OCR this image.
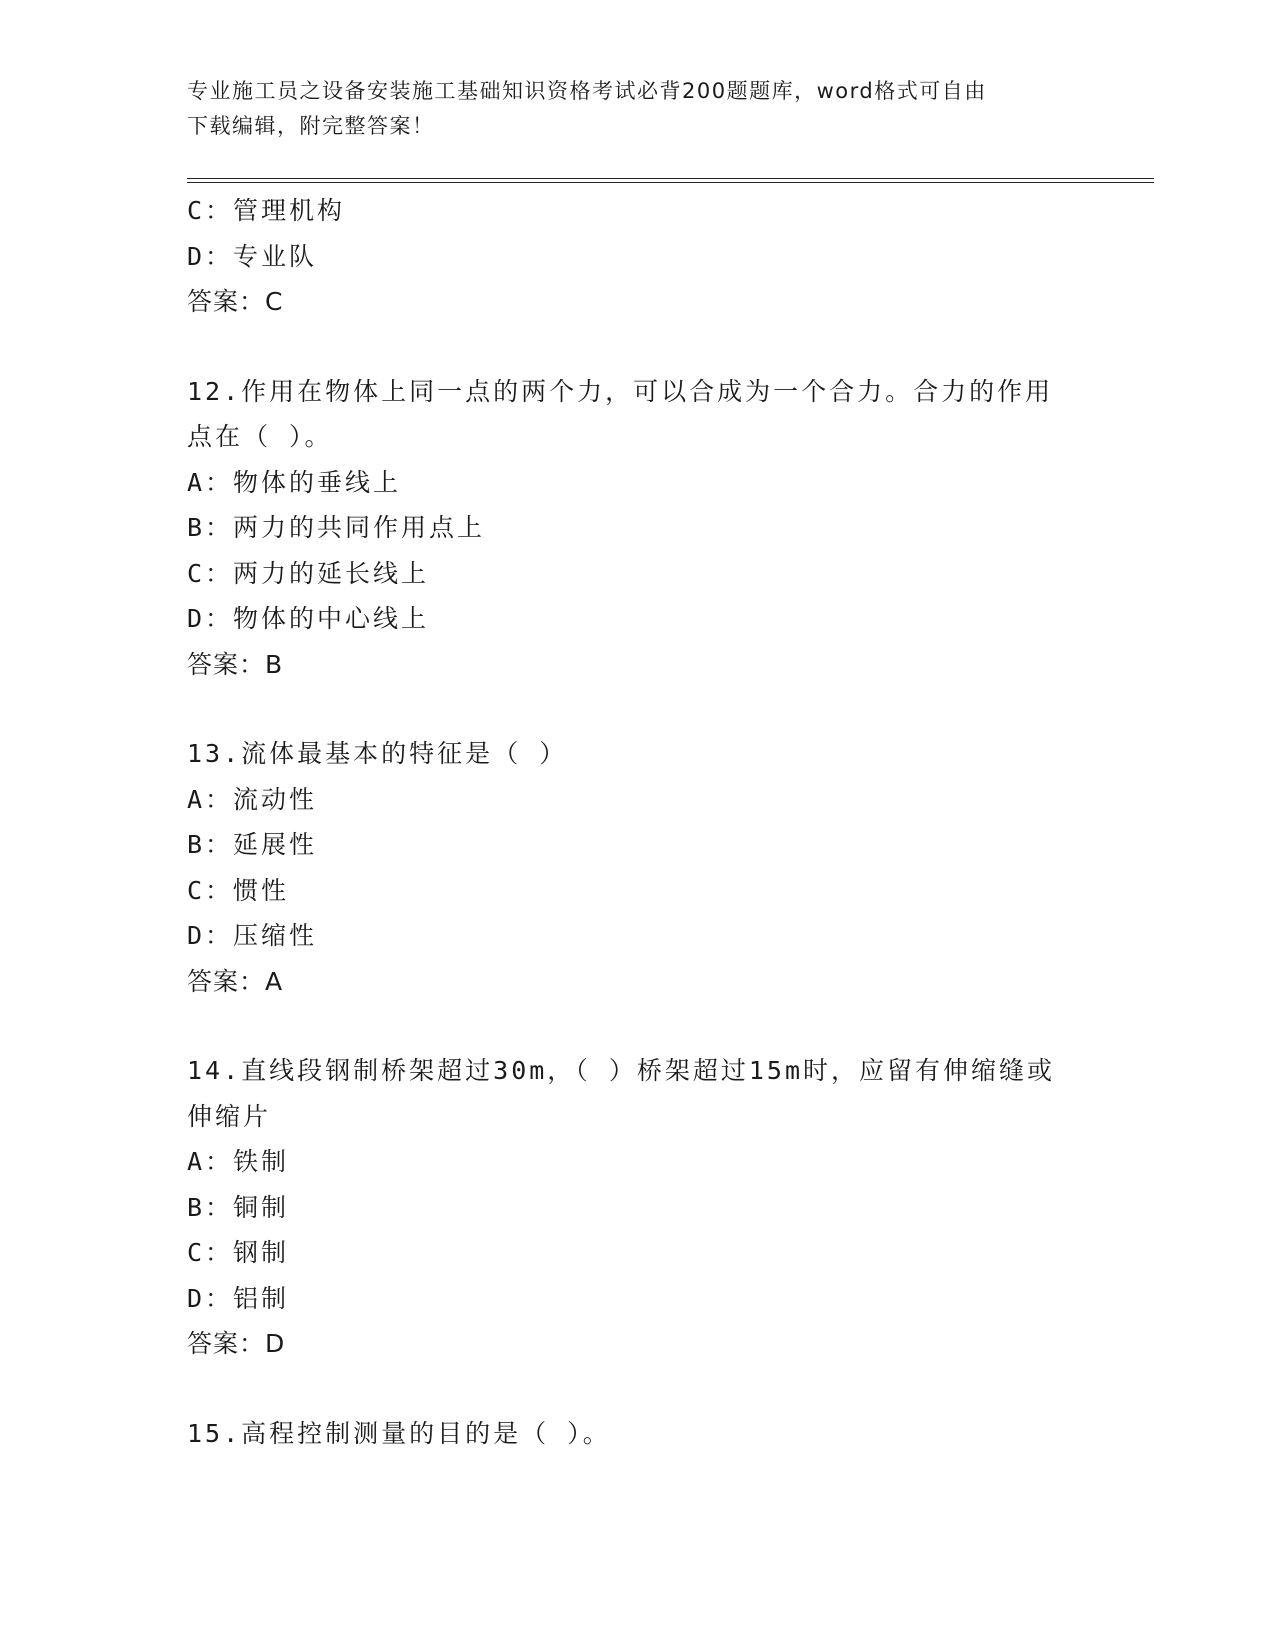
专业施工员之设备安装施工基础知识资格考试必背200题题库，word格式可自由
下载编辑，附完整答案！
C：管理机构
D：专业队
答案：C
12.作用在物体上同一点的两个力，可以合成为一个合力。合力的作用
点在（ ）。
A：物体的垂线上
B：两力的共同作用点上
C：两力的延长线上
D：物体的中心线上
答案：B
13.流体最基本的特征是（ ）
A：流动性
B：延展性
C：惯性
D：压缩性
答案：A
14.直线段钢制桥架超过30m，（ ）桥架超过15m时，应留有伸缩缝或
伸缩片
A：铁制
B：铜制
C：钢制
D：铝制
答案：D
15.高程控制测量的目的是（ ）。
